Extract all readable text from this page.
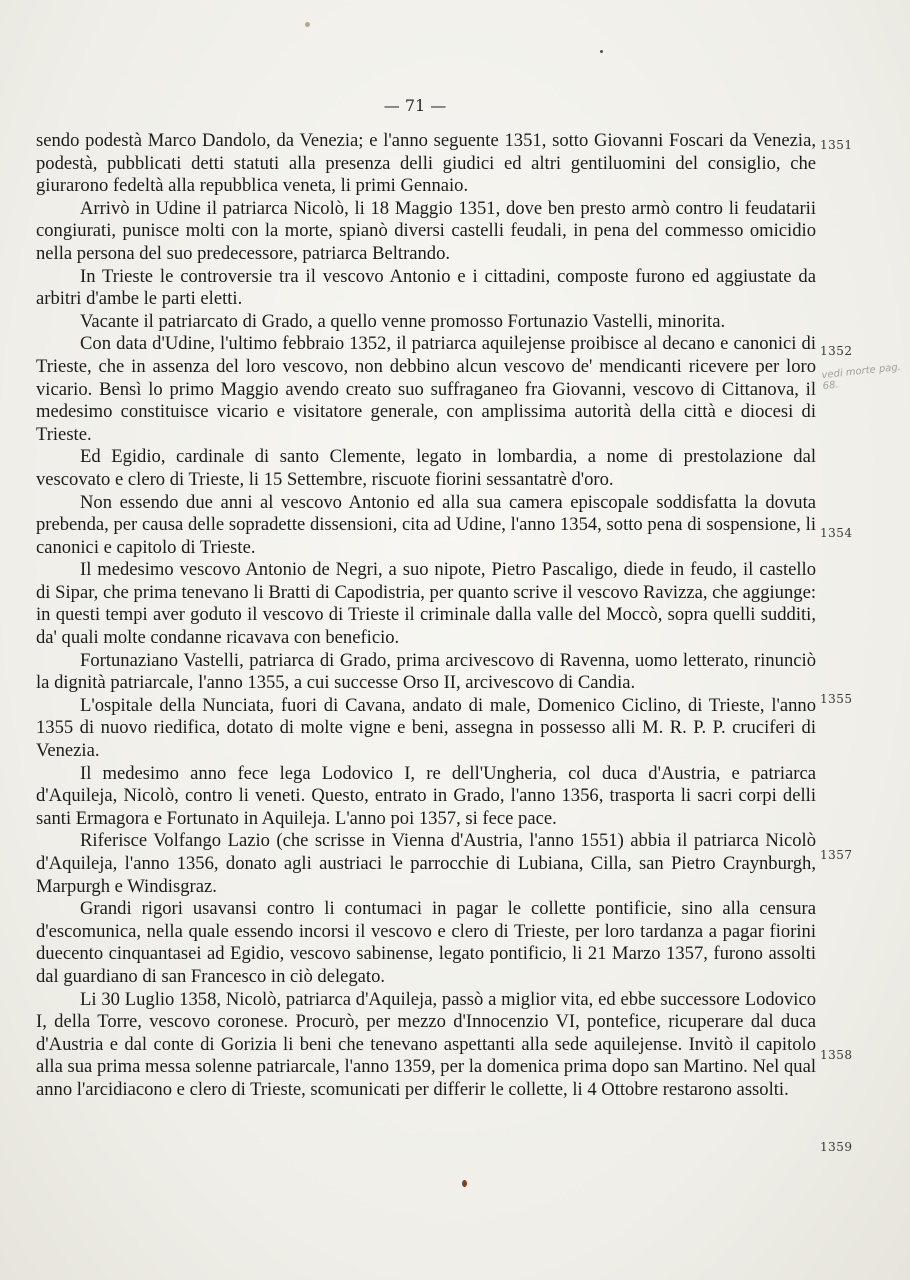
— 71 —

sendo podestà Marco Dandolo, da Venezia; e l'anno seguente 1351, sotto Giovanni Foscari da Venezia, podestà, pubblicati detti statuti alla presenza delli giudici ed altri gentiluomini del consiglio, che giurarono fedeltà alla repubblica veneta, li primi Gennaio.

Arrivò in Udine il patriarca Nicolò, li 18 Maggio 1351, dove ben presto armò contro li feudatarii congiurati, punisce molti con la morte, spianò diversi castelli feudali, in pena del commesso omicidio nella persona del suo predecessore, patriarca Beltrando.

In Trieste le controversie tra il vescovo Antonio e i cittadini, composte furono ed aggiustate da arbitri d'ambe le parti eletti.

Vacante il patriarcato di Grado, a quello venne promosso Fortunazio Vastelli, minorita.

Con data d'Udine, l'ultimo febbraio 1352, il patriarca aquilejense proibisce al decano e canonici di Trieste, che in assenza del loro vescovo, non debbino alcun vescovo de' mendicanti ricevere per loro vicario. Bensì lo primo Maggio avendo creato suo suffraganeo fra Giovanni, vescovo di Cittanova, il medesimo constituisce vicario e visitatore generale, con amplissima autorità della città e diocesi di Trieste.

Ed Egidio, cardinale di santo Clemente, legato in lombardia, a nome di prestolazione dal vescovato e clero di Trieste, li 15 Settembre, riscuote fiorini sessantatrè d'oro.

Non essendo due anni al vescovo Antonio ed alla sua camera episcopale soddisfatta la dovuta prebenda, per causa delle sopradette dissensioni, cita ad Udine, l'anno 1354, sotto pena di sospensione, li canonici e capitolo di Trieste.

Il medesimo vescovo Antonio de Negri, a suo nipote, Pietro Pascaligo, diede in feudo, il castello di Sipar, che prima tenevano li Bratti di Capodistria, per quanto scrive il vescovo Ravizza, che aggiunge: in questi tempi aver goduto il vescovo di Trieste il criminale dalla valle del Moccò, sopra quelli sudditi, da' quali molte condanne ricavava con beneficio.

Fortunaziano Vastelli, patriarca di Grado, prima arcivescovo di Ravenna, uomo letterato, rinunciò la dignità patriarcale, l'anno 1355, a cui successe Orso II, arcivescovo di Candia.

L'ospitale della Nunciata, fuori di Cavana, andato di male, Domenico Ciclino, di Trieste, l'anno 1355 di nuovo riedifica, dotato di molte vigne e beni, assegna in possesso alli M. R. P. P. cruciferi di Venezia.

Il medesimo anno fece lega Lodovico I, re dell'Ungheria, col duca d'Austria, e patriarca d'Aquileja, Nicolò, contro li veneti. Questo, entrato in Grado, l'anno 1356, trasporta li sacri corpi delli santi Ermagora e Fortunato in Aquileja. L'anno poi 1357, si fece pace.

Riferisce Volfango Lazio (che scrisse in Vienna d'Austria, l'anno 1551) abbia il patriarca Nicolò d'Aquileja, l'anno 1356, donato agli austriaci le parrocchie di Lubiana, Cilla, san Pietro Craynburgh, Marpurgh e Windisgraz.

Grandi rigori usavansi contro li contumaci in pagar le collette pontificie, sino alla censura d'escomunica, nella quale essendo incorsi il vescovo e clero di Trieste, per loro tardanza a pagar fiorini duecento cinquantasei ad Egidio, vescovo sabinense, legato pontificio, li 21 Marzo 1357, furono assolti dal guardiano di san Francesco in ciò delegato.

Li 30 Luglio 1358, Nicolò, patriarca d'Aquileja, passò a miglior vita, ed ebbe successore Lodovico I, della Torre, vescovo coronese. Procurò, per mezzo d'Innocenzio VI, pontefice, ricuperare dal duca d'Austria e dal conte di Gorizia li beni che tenevano aspettanti alla sede aquilejense. Invitò il capitolo alla sua prima messa solenne patriarcale, l'anno 1359, per la domenica prima dopo san Martino. Nel qual anno l'arcidiacono e clero di Trieste, scomunicati per differir le collette, li 4 Ottobre restarono assolti.

1351
1352
1354
1355
1357
1358
1359
vedi morte pag. 68.
